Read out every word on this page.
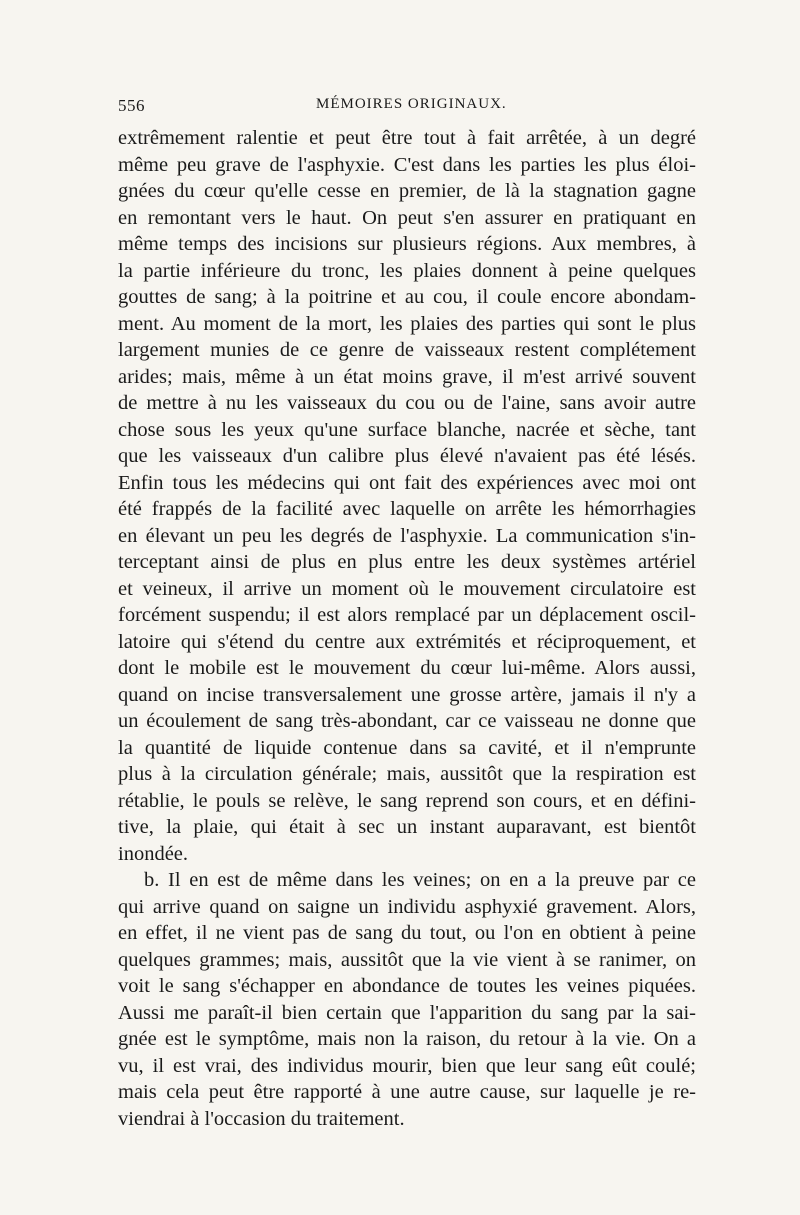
556	MÉMOIRES ORIGINAUX.
extrêmement ralentie et peut être tout à fait arrêtée, à un degré
même peu grave de l'asphyxie. C'est dans les parties les plus éloi-
gnées du cœur qu'elle cesse en premier, de là la stagnation gagne
en remontant vers le haut. On peut s'en assurer en pratiquant en
même temps des incisions sur plusieurs régions. Aux membres, à
la partie inférieure du tronc, les plaies donnent à peine quelques
gouttes de sang; à la poitrine et au cou, il coule encore abondam-
ment. Au moment de la mort, les plaies des parties qui sont le plus
largement munies de ce genre de vaisseaux restent complétement
arides; mais, même à un état moins grave, il m'est arrivé souvent
de mettre à nu les vaisseaux du cou ou de l'aine, sans avoir autre
chose sous les yeux qu'une surface blanche, nacrée et sèche, tant
que les vaisseaux d'un calibre plus élevé n'avaient pas été lésés.
Enfin tous les médecins qui ont fait des expériences avec moi ont
été frappés de la facilité avec laquelle on arrête les hémorrhagies
en élevant un peu les degrés de l'asphyxie. La communication s'in-
terceptant ainsi de plus en plus entre les deux systèmes artériel
et veineux, il arrive un moment où le mouvement circulatoire est
forcément suspendu; il est alors remplacé par un déplacement oscil-
latoire qui s'étend du centre aux extrémités et réciproquement, et
dont le mobile est le mouvement du cœur lui-même. Alors aussi,
quand on incise transversalement une grosse artère, jamais il n'y a
un écoulement de sang très-abondant, car ce vaisseau ne donne que
la quantité de liquide contenue dans sa cavité, et il n'emprunte
plus à la circulation générale; mais, aussitôt que la respiration est
rétablie, le pouls se relève, le sang reprend son cours, et en défini-
tive, la plaie, qui était à sec un instant auparavant, est bientôt
inondée.
b. Il en est de même dans les veines; on en a la preuve par ce
qui arrive quand on saigne un individu asphyxié gravement. Alors,
en effet, il ne vient pas de sang du tout, ou l'on en obtient à peine
quelques grammes; mais, aussitôt que la vie vient à se ranimer, on
voit le sang s'échapper en abondance de toutes les veines piquées.
Aussi me paraît-il bien certain que l'apparition du sang par la sai-
gnée est le symptôme, mais non la raison, du retour à la vie. On a
vu, il est vrai, des individus mourir, bien que leur sang eût coulé;
mais cela peut être rapporté à une autre cause, sur laquelle je re-
viendrai à l'occasion du traitement.
